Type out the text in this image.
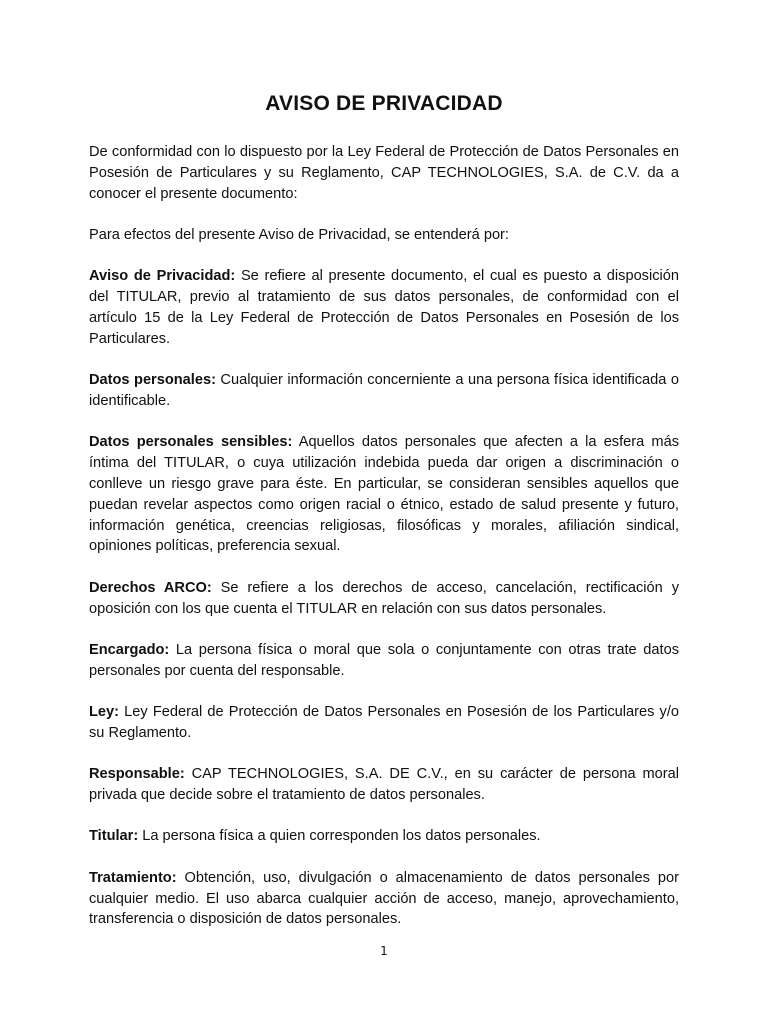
AVISO DE PRIVACIDAD

De conformidad con lo dispuesto por la Ley Federal de Protección de Datos Personales en Posesión de Particulares y su Reglamento, CAP TECHNOLOGIES, S.A. de C.V. da a conocer el presente documento:

Para efectos del presente Aviso de Privacidad, se entenderá por:

Aviso de Privacidad: Se refiere al presente documento, el cual es puesto a disposición del TITULAR, previo al tratamiento de sus datos personales, de conformidad con el artículo 15 de la Ley Federal de Protección de Datos Personales en Posesión de los Particulares.

Datos personales: Cualquier información concerniente a una persona física identificada o identificable.

Datos personales sensibles: Aquellos datos personales que afecten a la esfera más íntima del TITULAR, o cuya utilización indebida pueda dar origen a discriminación o conlleve un riesgo grave para éste. En particular, se consideran sensibles aquellos que puedan revelar aspectos como origen racial o étnico, estado de salud presente y futuro, información genética, creencias religiosas, filosóficas y morales, afiliación sindical, opiniones políticas, preferencia sexual.

Derechos ARCO: Se refiere a los derechos de acceso, cancelación, rectificación y oposición con los que cuenta el TITULAR en relación con sus datos personales.

Encargado: La persona física o moral que sola o conjuntamente con otras trate datos personales por cuenta del responsable.

Ley: Ley Federal de Protección de Datos Personales en Posesión de los Particulares y/o su Reglamento.

Responsable: CAP TECHNOLOGIES, S.A. DE C.V., en su carácter de persona moral privada que decide sobre el tratamiento de datos personales.

Titular: La persona física a quien corresponden los datos personales.

Tratamiento: Obtención, uso, divulgación o almacenamiento de datos personales por cualquier medio. El uso abarca cualquier acción de acceso, manejo, aprovechamiento, transferencia o disposición de datos personales.

1
